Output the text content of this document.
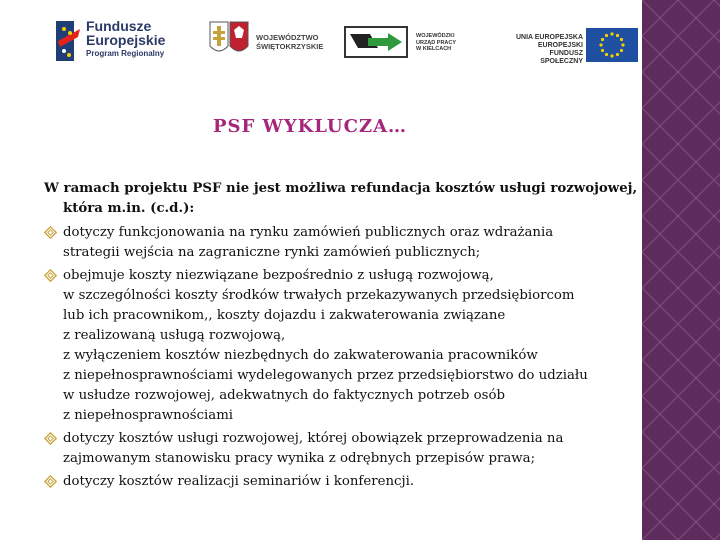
Fundusze
Europejskie
Program Regionalny
WOJEWÓDZTWO
ŚWIĘTOKRZYSKIE
WOJEWÓDZKI
URZĄD PRACY
W KIELCACH
UNIA EUROPEJSKA
EUROPEJSKI
FUNDUSZ SPOŁECZNY
PSF WYKLUCZA…

W ramach projektu PSF nie jest możliwa refundacja kosztów usługi rozwojowej, która m.in. (c.d.):

dotyczy funkcjonowania na rynku zamówień publicznych oraz wdrażania
strategii wejścia na zagraniczne rynki zamówień publicznych;
obejmuje koszty niezwiązane bezpośrednio z usługą rozwojową,
w szczególności koszty środków trwałych przekazywanych przedsiębiorcom
lub ich pracownikom,, koszty dojazdu i zakwaterowania związane
z realizowaną usługą rozwojową,
z wyłączeniem kosztów niezbędnych do zakwaterowania pracowników
z niepełnosprawnościami wydelegowanych przez przedsiębiorstwo do udziału
w usłudze rozwojowej, adekwatnych do faktycznych potrzeb osób
z niepełnosprawnościami
dotyczy kosztów usługi rozwojowej, której obowiązek przeprowadzenia na
zajmowanym stanowisku pracy wynika z odrębnych przepisów prawa;
dotyczy kosztów realizacji seminariów i konferencji.
